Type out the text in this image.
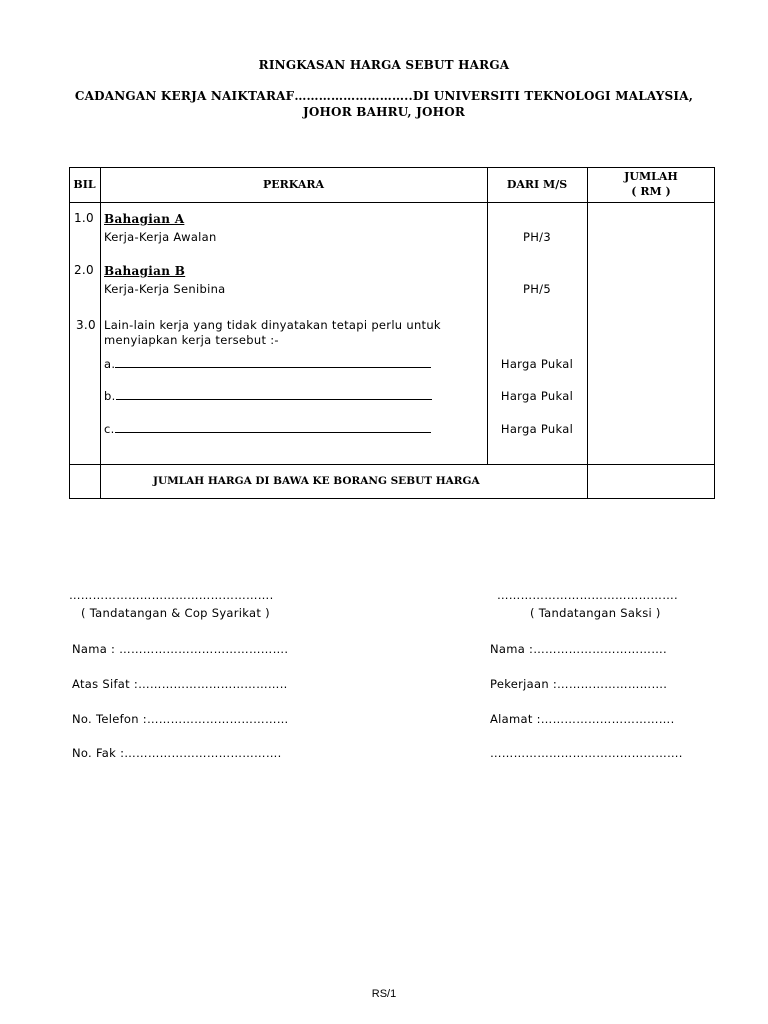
RINGKASAN HARGA SEBUT HARGA
CADANGAN KERJA NAIKTARAF………………………..DI UNIVERSITI TEKNOLOGI MALAYSIA,
JOHOR BAHRU, JOHOR
BIL	PERKARA	DARI M/S
JUMLAH
( RM )
1.0 Bahagian A
Kerja-Kerja Awalan	PH/3
2.0 Bahagian B
Kerja-Kerja Senibina	PH/5
3.0 Lain-lain kerja yang tidak dinyatakan tetapi perlu untuk
menyiapkan kerja tersebut :-
a.	Harga Pukal
b.	Harga Pukal
c.	Harga Pukal
JUMLAH HARGA DI BAWA KE BORANG SEBUT HARGA
…………………………………………….
( Tandatangan & Cop Syarikat )
……………………………………….
( Tandatangan Saksi )
Nama : …………………………………….
Atas Sifat :………………………………..
No. Telefon :………………………………
No. Fak :………………………………….
Nama :…………………………….
Pekerjaan :……………………….
Alamat :…………………………….
………………………………………….
RS/1
